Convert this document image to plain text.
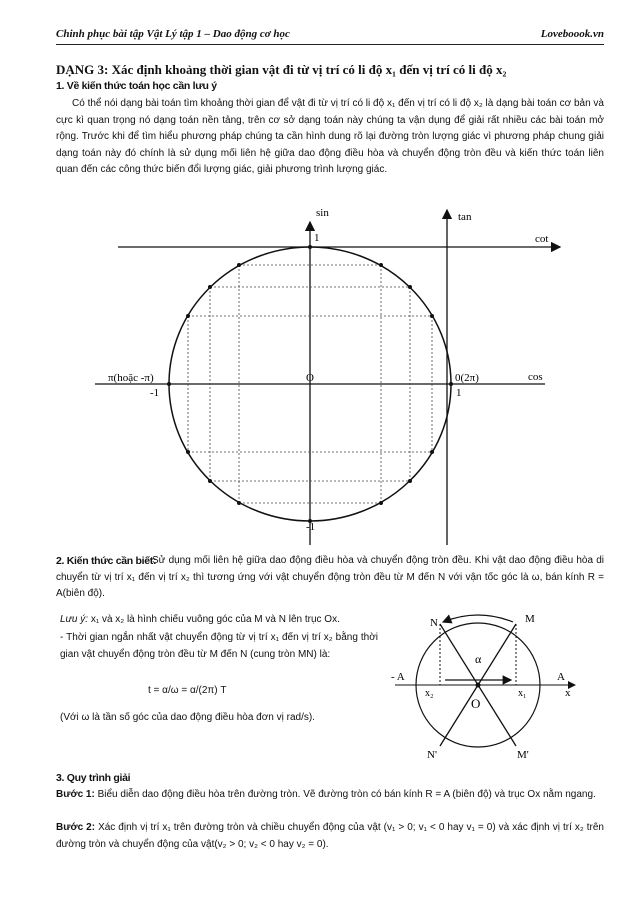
Chinh phục bài tập Vật Lý tập 1 – Dao động cơ học	Loveboook.vn
DẠNG 3: Xác định khoảng thời gian vật đi từ vị trí có li độ x₁ đến vị trí có li độ x₂
1. Về kiến thức toán học cần lưu ý
Có thể nói dạng bài toán tìm khoảng thời gian để vật đi từ vị trí có li độ x₁ đến vị trí có li độ x₂ là dạng bài toán cơ bản và cực kì quan trọng nó dạng toán nền tảng, trên cơ sở dạng toán này chúng ta vận dụng để giải rất nhiều các bài toán mở rộng. Trước khi để tìm hiểu phương pháp chúng ta cần hình dung rõ lại đường tròn lượng giác vì phương pháp chung giải dạng toán này đó chính là sử dụng mối liên hệ giữa dao động điều hòa và chuyển động tròn đều và kiến thức toán liên quan đến các công thức biến đổi lượng giác, giải phương trình lượng giác.
sin	tan
cot
cos
O
π(hoặc -π)	0(2π)
1
-1
1
-1
2. Kiến thức cần biết:
Sử dụng mối liên hệ giữa dao động điều hòa và chuyển động tròn đều. Khi vật dao động điều hòa di chuyển từ vị trí x₁ đến vị trí x₂ thì tương ứng với vật chuyển động tròn đều từ M đến N với vận tốc góc là ω, bán kính R = A(biên độ).
Lưu ý: x₁ và x₂ là hình chiếu vuông góc của M và N lên trục Ox.
- Thời gian ngắn nhất vật chuyển động từ vị trí x₁ đến vị trí x₂ bằng thời gian vật chuyển động tròn đều từ M đến N (cung tròn MN) là:
t = α/ω = α/(2π) T
(Với ω là tần số góc của dao động điều hòa đơn vị rad/s).
M
N
M'
N'
α
- A	A
x
x₁
x₂
O
3. Quy trình giải
Bước 1: Biểu diễn dao động điều hòa trên đường tròn. Vẽ đường tròn có bán kính R = A (biên độ) và trục Ox nằm ngang.
Bước 2: Xác định vị trí x₁ trên đường tròn và chiều chuyển động của vật (v₁ > 0; v₁ < 0 hay v₁ = 0) và xác định vị trí x₂ trên đường tròn và chuyển động của vật(v₂ > 0; v₂ < 0 hay v₂ = 0).
